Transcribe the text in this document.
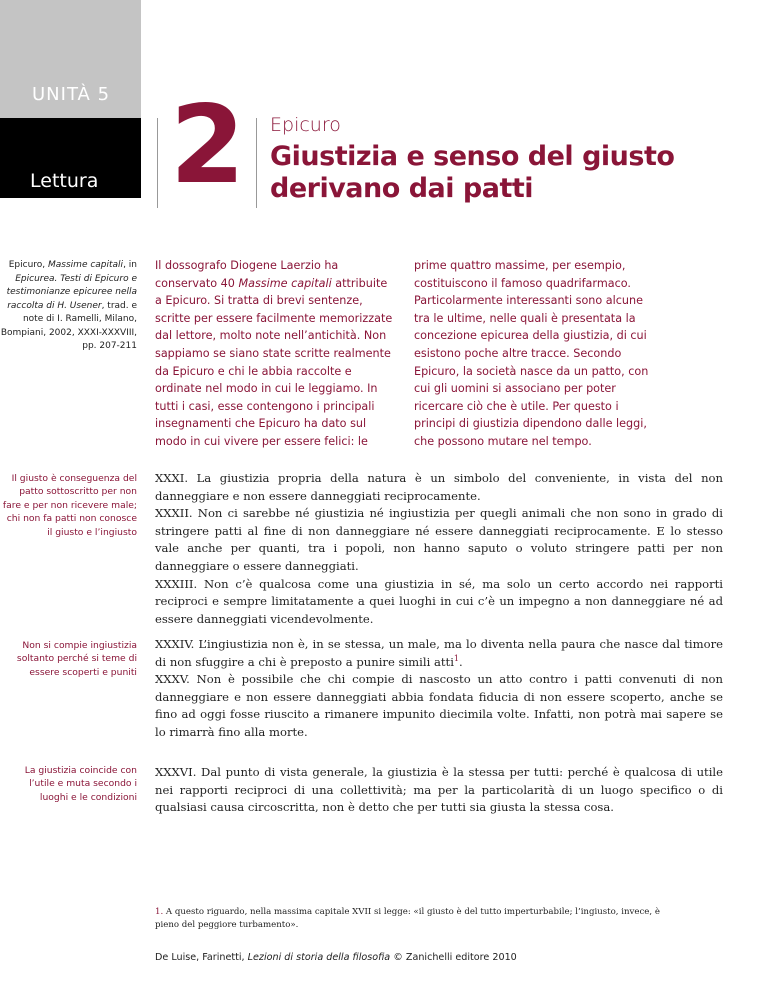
UNITÀ 5
Lettura 2 Epicuro
Giustizia e senso del giusto derivano dai patti
Epicuro, Massime capitali, in Epicurea. Testi di Epicuro e testimonianze epicuree nella raccolta di H. Usener, trad. e note di I. Ramelli, Milano, Bompiani, 2002, XXXI-XXXVIII, pp. 207-211
Il dossografo Diogene Laerzio ha conservato 40 Massime capitali attribuite a Epicuro. Si tratta di brevi sentenze, scritte per essere facilmente memorizzate dal lettore, molto note nell’antichità. Non sappiamo se siano state scritte realmente da Epicuro e chi le abbia raccolte e ordinate nel modo in cui le leggiamo. In tutti i casi, esse contengono i principali insegnamenti che Epicuro ha dato sul modo in cui vivere per essere felici: le
prime quattro massime, per esempio, costituiscono il famoso quadrifarmaco. Particolarmente interessanti sono alcune tra le ultime, nelle quali è presentata la concezione epicurea della giustizia, di cui esistono poche altre tracce. Secondo Epicuro, la società nasce da un patto, con cui gli uomini si associano per poter ricercare ciò che è utile. Per questo i principi di giustizia dipendono dalle leggi, che possono mutare nel tempo.
Il giusto è conseguenza del patto sottoscritto per non fare e per non ricevere male; chi non fa patti non conosce il giusto e l’ingiusto
Non si compie ingiustizia soltanto perché si teme di essere scoperti e puniti
La giustizia coincide con l’utile e muta secondo i luoghi e le condizioni

XXXI. La giustizia propria della natura è un simbolo del conveniente, in vista del non danneggiare e non essere danneggiati reciprocamente.

XXXII. Non ci sarebbe né giustizia né ingiustizia per quegli animali che non sono in grado di stringere patti al fine di non danneggiare né essere danneggiati reciprocamente. E lo stesso vale anche per quanti, tra i popoli, non hanno saputo o voluto stringere patti per non danneggiare o essere danneggiati.

XXXIII. Non c’è qualcosa come una giustizia in sé, ma solo un certo accordo nei rapporti reciproci e sempre limitatamente a quei luoghi in cui c’è un impegno a non danneggiare né ad essere danneggiati vicendevolmente.

XXXIV. L’ingiustizia non è, in se stessa, un male, ma lo diventa nella paura che nasce dal timore di non sfuggire a chi è preposto a punire simili atti$^1$.

XXXV. Non è possibile che chi compie di nascosto un atto contro i patti convenuti di non danneggiare e non essere danneggiati abbia fondata fiducia di non essere scoperto, anche se fino ad oggi fosse riuscito a rimanere impunito diecimila volte. Infatti, non potrà mai sapere se lo rimarrà fino alla morte.

XXXVI. Dal punto di vista generale, la giustizia è la stessa per tutti: perché è qualcosa di utile nei rapporti reciproci di una collettività; ma per la particolarità di un luogo specifico o di qualsiasi causa circoscritta, non è detto che per tutti sia giusta la stessa cosa.

1. A questo riguardo, nella massima capitale XVII si legge: «il giusto è del tutto imperturbabile; l’ingiusto, invece, è pieno del peggiore turbamento».
De Luise, Farinetti, Lezioni di storia della filosofia © Zanichelli editore 2010
